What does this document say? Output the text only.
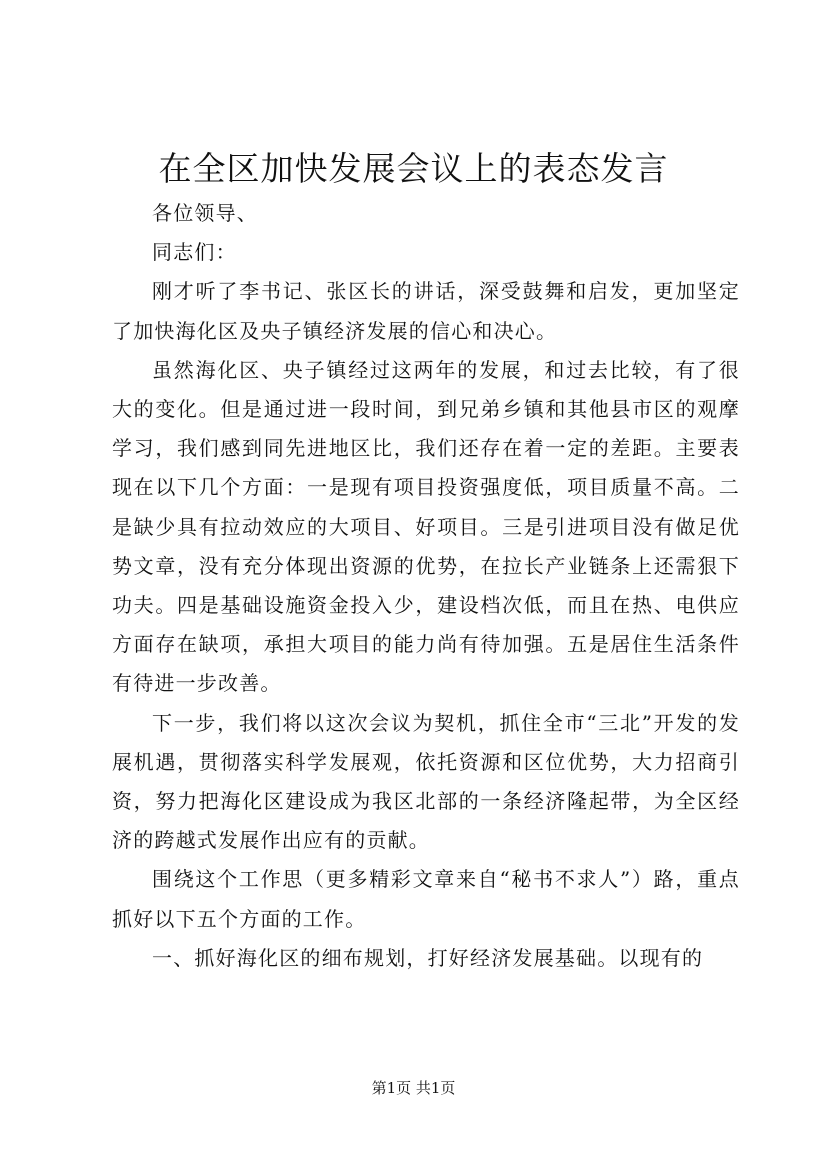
在全区加快发展会议上的表态发言

各位领导、

同志们：

刚才听了李书记、张区长的讲话，深受鼓舞和启发，更加坚定了加快海化区及央子镇经济发展的信心和决心。

虽然海化区、央子镇经过这两年的发展，和过去比较，有了很大的变化。但是通过进一段时间，到兄弟乡镇和其他县市区的观摩学习，我们感到同先进地区比，我们还存在着一定的差距。主要表现在以下几个方面：一是现有项目投资强度低，项目质量不高。二是缺少具有拉动效应的大项目、好项目。三是引进项目没有做足优势文章，没有充分体现出资源的优势，在拉长产业链条上还需狠下功夫。四是基础设施资金投入少，建设档次低，而且在热、电供应方面存在缺项，承担大项目的能力尚有待加强。五是居住生活条件有待进一步改善。

下一步，我们将以这次会议为契机，抓住全市“三北”开发的发展机遇，贯彻落实科学发展观，依托资源和区位优势，大力招商引资，努力把海化区建设成为我区北部的一条经济隆起带，为全区经济的跨越式发展作出应有的贡献。

围绕这个工作思（更多精彩文章来自“秘书不求人”）路，重点抓好以下五个方面的工作。

一、抓好海化区的细布规划，打好经济发展基础。以现有的

第1页 共1页
